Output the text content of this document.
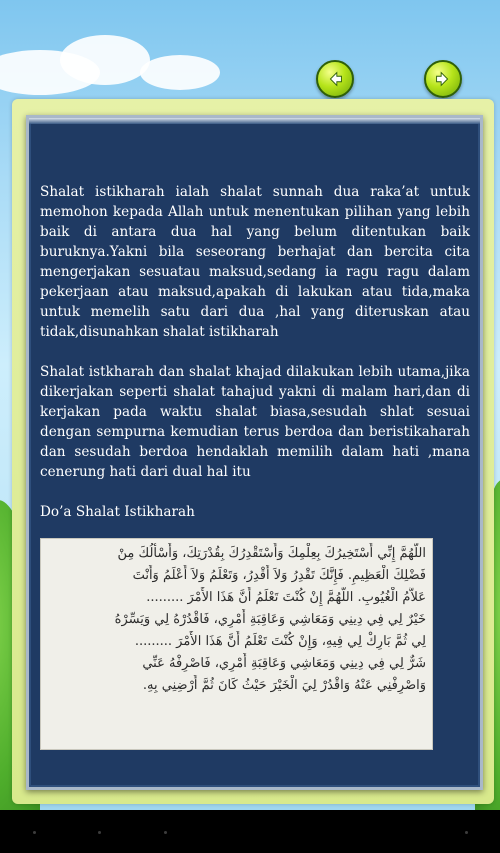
Shalat istikharah ialah shalat sunnah dua raka’at untuk memohon kepada Allah untuk menentukan pilihan yang lebih baik di antara dua hal yang belum ditentukan baik buruknya.Yakni bila seseorang berhajat dan bercita cita mengerjakan sesuatau maksud,sedang ia ragu ragu dalam pekerjaan atau maksud,apakah di lakukan atau tida,maka untuk memelih satu dari dua ,hal yang diteruskan atau tidak,disunahkan shalat istikharah

Shalat istkharah dan shalat khajad dilakukan lebih utama,jika dikerjakan seperti shalat tahajud yakni di malam hari,dan di kerjakan pada waktu shalat biasa,sesudah shlat sesuai dengan sempurna kemudian terus berdoa dan beristikaharah dan sesudah berdoa hendaklah memilih dalam hati ,mana cenerung hati dari dual hal itu

Do’a Shalat Istikharah

اللَّهُمَّ إِنِّي أَسْتَخِيرُكَ بِعِلْمِكَ وَأَسْتَقْدِرُكَ بِقُدْرَتِكَ، وَأَسْأَلُكَ مِنْ
فَضْلِكَ الْعَظِيمِ. فَإِنَّكَ تَقْدِرُ وَلاَ أَقْدِرُ، وَتَعْلَمُ وَلاَ أَعْلَمُ وَأَنْتَ
عَلاَّمُ الْغُيُوبِ. اللَّهُمَّ إِنْ كُنْتَ تَعْلَمُ أَنَّ هَذَا الأَمْرَ .........
خَيْرٌ لِي فِي دِينِي وَمَعَاشِي وَعَاقِبَةِ أَمْرِي، فَاقْدُرْهُ لِي وَيَسِّرْهُ
لِي ثُمَّ بَارِكْ لِي فِيهِ، وَإِنْ كُنْتَ تَعْلَمُ أَنَّ هَذَا الأَمْرَ .........
شَرٌّ لِي فِي دِينِي وَمَعَاشِي وَعَاقِبَةِ أَمْرِي، فَاصْرِفْهُ عَنِّي
وَاصْرِفْنِي عَنْهُ وَاقْدُرْ لِيَ الْخَيْرَ حَيْثُ كَانَ ثُمَّ أَرْضِنِي بِهِ.
